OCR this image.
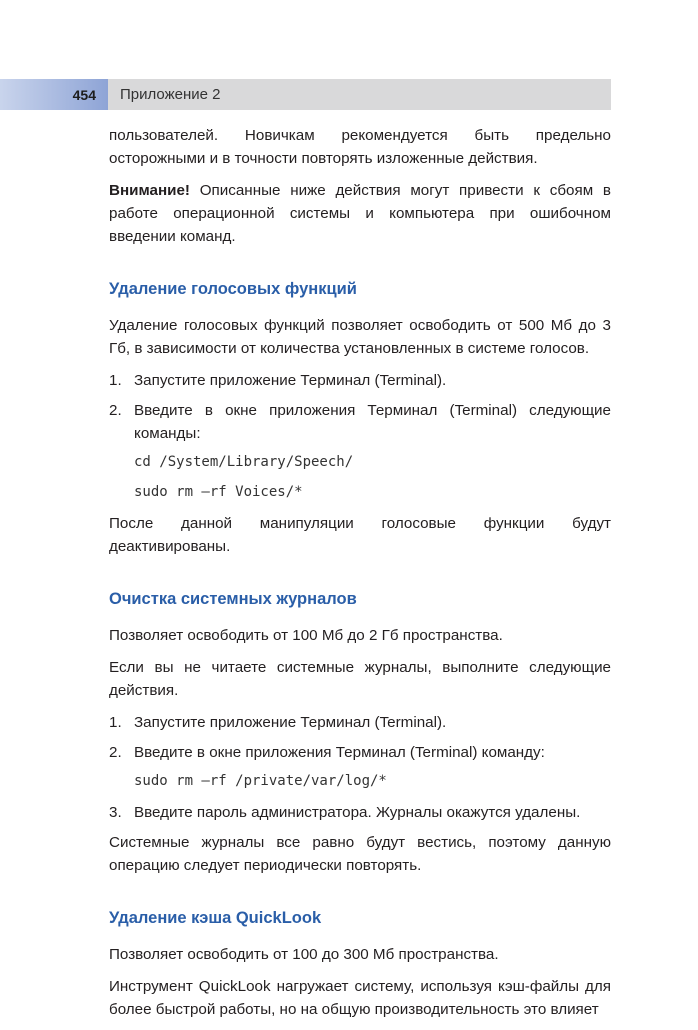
454	Приложение 2

пользователей. Новичкам рекомендуется быть предельно осторожными и в точности повторять изложенные действия.

Внимание! Описанные ниже действия могут привести к сбоям в работе операционной системы и компьютера при ошибочном введении команд.

Удаление голосовых функций

Удаление голосовых функций позволяет освободить от 500 Мб до 3 Гб, в зависимости от количества установленных в системе голосов.

1. Запустите приложение Терминал (Terminal).
2. Введите в окне приложения Терминал (Terminal) следующие команды:
cd /System/Library/Speech/
sudo rm –rf Voices/*

После данной манипуляции голосовые функции будут деактивированы.

Очистка системных журналов

Позволяет освободить от 100 Мб до 2 Гб пространства.

Если вы не читаете системные журналы, выполните следующие действия.

1. Запустите приложение Терминал (Terminal).
2. Введите в окне приложения Терминал (Terminal) команду:
sudo rm –rf /private/var/log/*
3. Введите пароль администратора. Журналы окажутся удалены.

Системные журналы все равно будут вестись, поэтому данную операцию следует периодически повторять.

Удаление кэша QuickLook

Позволяет освободить от 100 до 300 Мб пространства.

Инструмент QuickLook нагружает систему, используя кэш-файлы для более быстрой работы, но на общую производительность это влияет
